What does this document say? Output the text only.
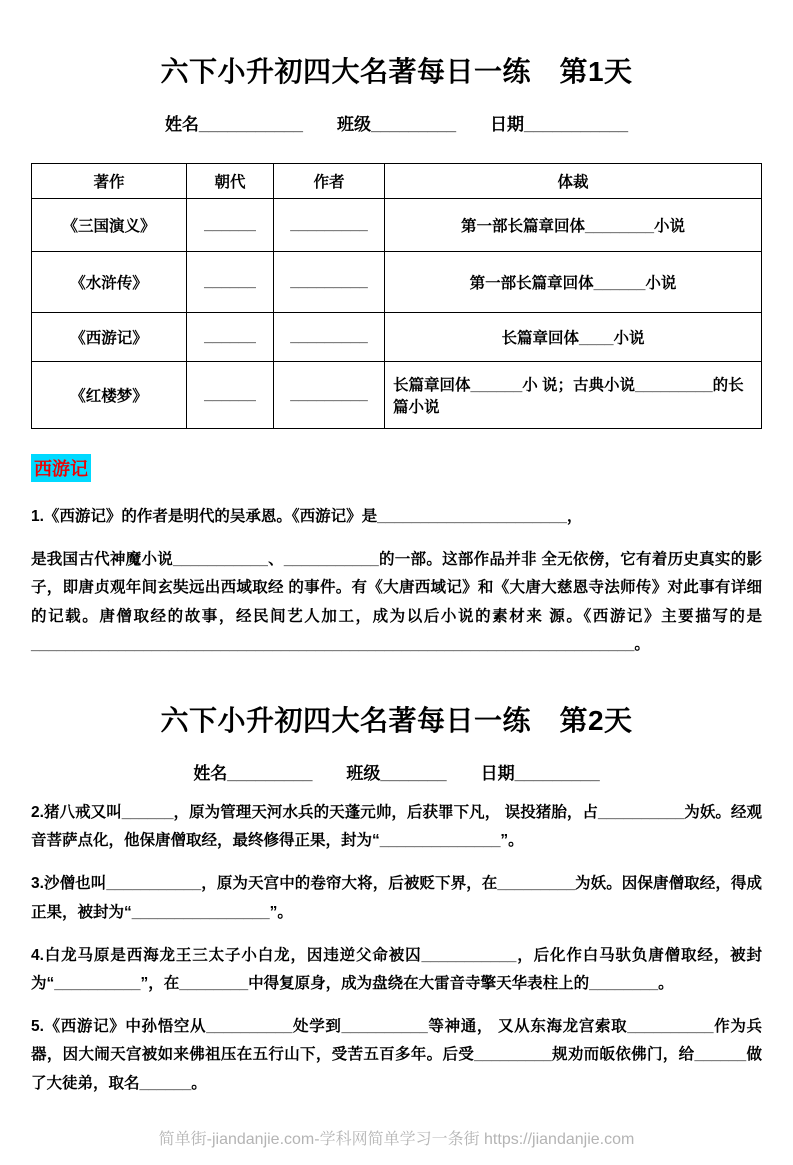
六下小升初四大名著每日一练　第1天
姓名___________ 班级_________ 日期___________
著作	朝代	作者	体裁
《三国演义》	______	_________	第一部长篇章回体________小说
《水浒传》	______	_________	第一部长篇章回体______小说
《西游记》	______	_________	长篇章回体____小说
《红楼梦》	______	_________	长篇章回体______小 说；古典小说_________的长篇小说
西游记

1.《西游记》的作者是明代的吴承恩。《西游记》是______________________，

是我国古代神魔小说___________、___________的一部。这部作品并非 全无依傍，它有着历史真实的影子，即唐贞观年间玄奘远出西域取经 的事件。有《大唐西域记》和《大唐大慈恩寺法师传》对此事有详细 的记载。唐僧取经的故事，经民间艺人加工，成为以后小说的素材来 源。《西游记》主要描写的是______________________________________________________________________。

六下小升初四大名著每日一练　第2天
姓名_________ 班级_______ 日期_________

2.猪八戒又叫______，原为管理天河水兵的天蓬元帅，后获罪下凡， 误投猪胎，占__________为妖。经观音菩萨点化，他保唐僧取经，最终修得正果，封为“______________”。

3.沙僧也叫___________，原为天宫中的卷帘大将，后被贬下界，在_________为妖。因保唐僧取经，得成正果，被封为“________________”。

4.白龙马原是西海龙王三太子小白龙，因违逆父命被囚___________，后化作白马驮负唐僧取经，被封为“__________”，在________中得复原身，成为盘绕在大雷音寺擎天华表柱上的________。

5.《西游记》中孙悟空从__________处学到__________等神通， 又从东海龙宫索取__________作为兵器，因大闹天宫被如来佛祖压在五行山下，受苦五百多年。后受_________规劝而皈依佛门，给______做了大徒弟，取名______。

简单街-jiandanjie.com-学科网简单学习一条街 https://jiandanjie.com
